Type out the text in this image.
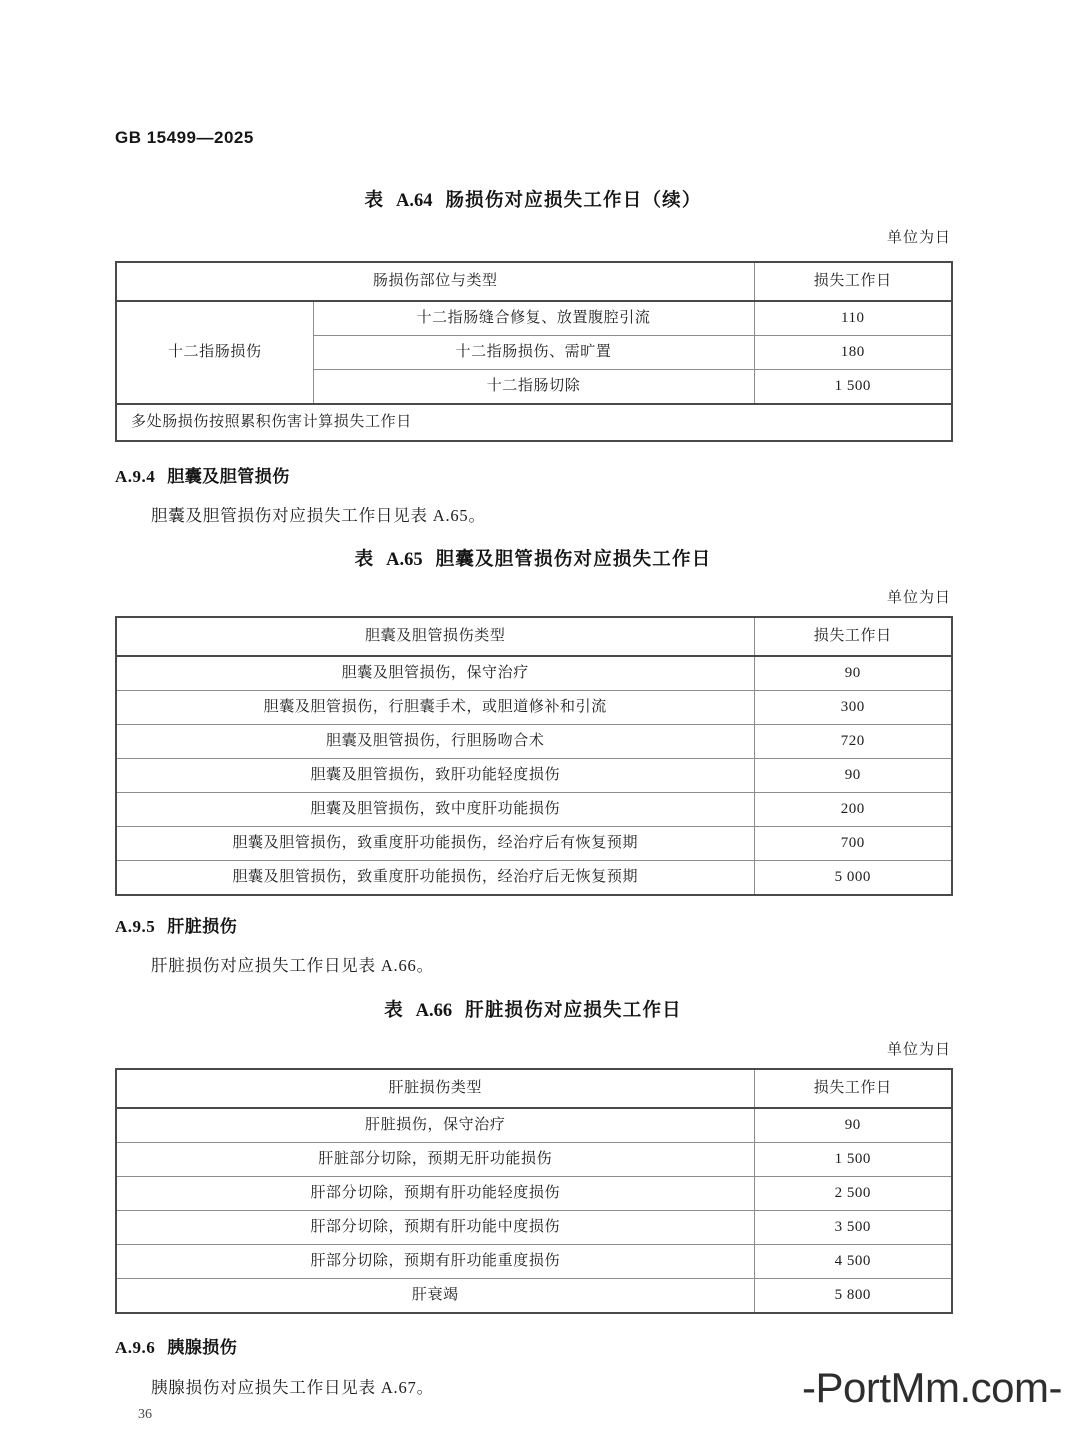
GB 15499—2025
表 A.64 肠损伤对应损失工作日（续）
单位为日
肠损伤部位与类型		损失工作日
十二指肠损伤	十二指肠缝合修复、放置腹腔引流	110
	十二指肠损伤、需旷置	180
	十二指肠切除	1 500
多处肠损伤按照累积伤害计算损失工作日		
A.9.4 胆囊及胆管损伤
胆囊及胆管损伤对应损失工作日见表 A.65。
表 A.65 胆囊及胆管损伤对应损失工作日
单位为日
胆囊及胆管损伤类型	损失工作日
胆囊及胆管损伤，保守治疗	90
胆囊及胆管损伤，行胆囊手术，或胆道修补和引流	300
胆囊及胆管损伤，行胆肠吻合术	720
胆囊及胆管损伤，致肝功能轻度损伤	90
胆囊及胆管损伤，致中度肝功能损伤	200
胆囊及胆管损伤，致重度肝功能损伤，经治疗后有恢复预期	700
胆囊及胆管损伤，致重度肝功能损伤，经治疗后无恢复预期	5 000
A.9.5 肝脏损伤
肝脏损伤对应损失工作日见表 A.66。
表 A.66 肝脏损伤对应损失工作日
单位为日
肝脏损伤类型	损失工作日
肝脏损伤，保守治疗	90
肝脏部分切除，预期无肝功能损伤	1 500
肝部分切除，预期有肝功能轻度损伤	2 500
肝部分切除，预期有肝功能中度损伤	3 500
肝部分切除，预期有肝功能重度损伤	4 500
肝衰竭	5 800
A.9.6 胰腺损伤
胰腺损伤对应损失工作日见表 A.67。
36
-PortMm.com-
